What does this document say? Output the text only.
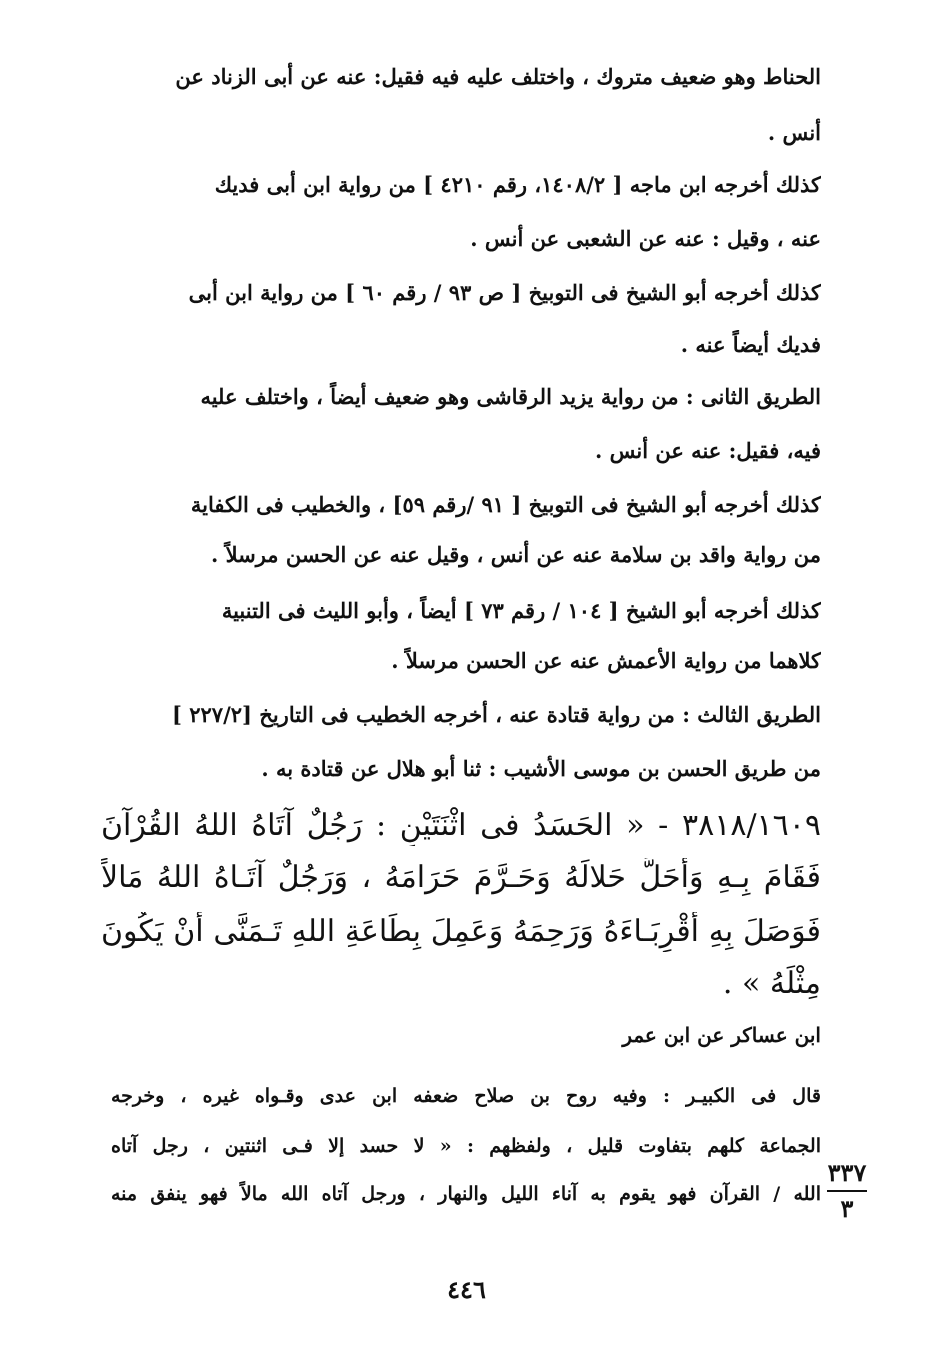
الحناط وهو ضعيف متروك ، واختلف عليه فيه فقيل: عنه عن أبى الزناد عن
أنس .
كذلك أخرجه ابن ماجه [ ١٤٠٨/٢، رقم ٤٢١٠ ] من رواية ابن أبى فديك
عنه ، وقيل : عنه عن الشعبى عن أنس .
كذلك أخرجه أبو الشيخ فى التوبيخ [ ص ٩٣ / رقم ٦٠ ] من رواية ابن أبى
فديك أيضاً عنه .
الطريق الثانى : من رواية يزيد الرقاشى وهو ضعيف أيضاً ، واختلف عليه
فيه، فقيل: عنه عن أنس .
كذلك أخرجه أبو الشيخ فى التوبيخ [ ٩١ /رقم ٥٩] ، والخطيب فى الكفاية
من رواية واقد بن سلامة عنه عن أنس ، وقيل عنه عن الحسن مرسلاً .
كذلك أخرجه أبو الشيخ [ ١٠٤ / رقم ٧٣ ] أيضاً ، وأبو الليث فى التنبية
كلاهما من رواية الأعمش عنه عن الحسن مرسلاً .
الطريق الثالث : من رواية قتادة عنه ، أخرجه الخطيب فى التاريخ [٢٢٧/٢ ]
من طريق الحسن بن موسى الأشيب : ثنا أبو هلال عن قتادة به .
٣٨١٨/١٦٠٩ - « الحَسَدُ فى اثْنَتَيْنِ : رَجُلٌ آتَاهُ اللهُ القُرْآنَ
فَقَامَ بِـهِ وَأَحَلَّ حَلالَهُ وَحَـرَّمَ حَرَامَهُ ، وَرَجُلٌ آتَـاهُ اللهُ مَالاً
فَوَصَلَ بِهِ أَقْرِبَـاءَهُ وَرَحِمَهُ وَعَمِلَ بِطَاعَةِ اللهِ تَـمَنَّى أَنْ يَكُونَ
مِثْلَهُ » .
ابن عساكر عن ابن عمر
قال فى الكبيـر : وفيه روح بن صلاح ضعفه ابن عدى وقـواه غيره ، وخرجه
الجماعة كلهم بتفاوت قليل ، ولفظهم : « لا حسد إلا فـى اثنتين ، رجل آتاه
الله / القرآن فهو يقوم به آناء الليل والنهار ، ورجل آتاه الله مالاً فهو ينفق منه
٣٣٧
٣
٤٤٦
